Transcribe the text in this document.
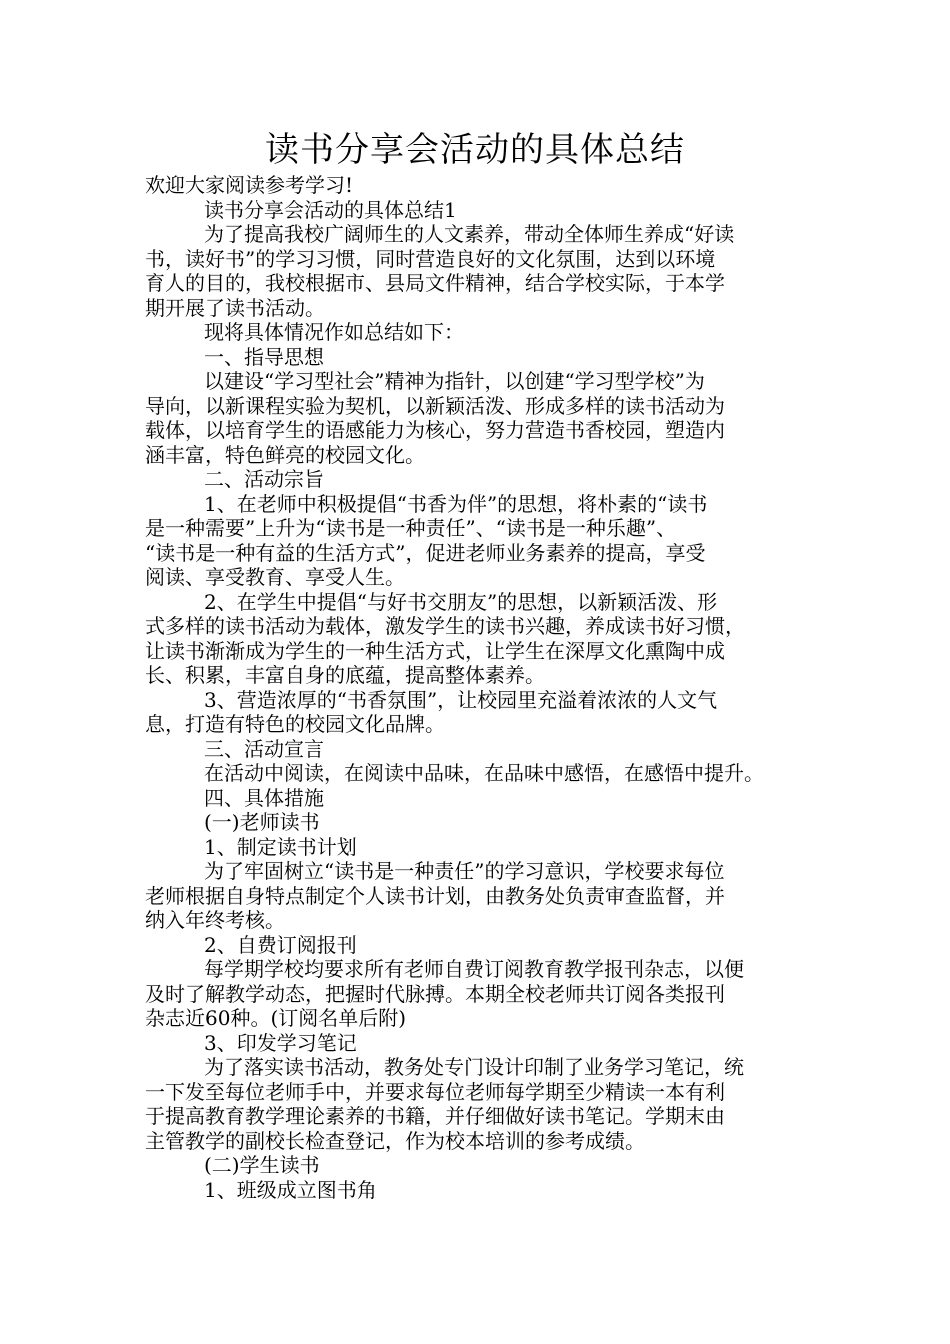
读书分享会活动的具体总结
欢迎大家阅读参考学习!
读书分享会活动的具体总结1
为了提高我校广阔师生的人文素养，带动全体师生养成“好读
书，读好书”的学习习惯，同时营造良好的文化氛围，达到以环境
育人的目的，我校根据市、县局文件精神，结合学校实际，于本学
期开展了读书活动。
现将具体情况作如总结如下：
一、指导思想
以建设“学习型社会”精神为指针，以创建“学习型学校”为
导向，以新课程实验为契机，以新颖活泼、形成多样的读书活动为
载体，以培育学生的语感能力为核心，努力营造书香校园，塑造内
涵丰富，特色鲜亮的校园文化。
二、活动宗旨
1、在老师中积极提倡“书香为伴”的思想，将朴素的“读书
是一种需要”上升为“读书是一种责任”、“读书是一种乐趣”、
“读书是一种有益的生活方式”，促进老师业务素养的提高，享受
阅读、享受教育、享受人生。
2、在学生中提倡“与好书交朋友”的思想，以新颖活泼、形
式多样的读书活动为载体，激发学生的读书兴趣，养成读书好习惯，
让读书渐渐成为学生的一种生活方式，让学生在深厚文化熏陶中成
长、积累，丰富自身的底蕴，提高整体素养。
3、营造浓厚的“书香氛围”，让校园里充溢着浓浓的人文气
息，打造有特色的校园文化品牌。
三、活动宣言
在活动中阅读，在阅读中品味，在品味中感悟，在感悟中提升。
四、具体措施
(一)老师读书
1、制定读书计划
为了牢固树立“读书是一种责任”的学习意识，学校要求每位
老师根据自身特点制定个人读书计划，由教务处负责审查监督，并
纳入年终考核。
2、自费订阅报刊
每学期学校均要求所有老师自费订阅教育教学报刊杂志，以便
及时了解教学动态，把握时代脉搏。本期全校老师共订阅各类报刊
杂志近60种。(订阅名单后附)
3、印发学习笔记
为了落实读书活动，教务处专门设计印制了业务学习笔记，统
一下发至每位老师手中，并要求每位老师每学期至少精读一本有利
于提高教育教学理论素养的书籍，并仔细做好读书笔记。学期末由
主管教学的副校长检查登记，作为校本培训的参考成绩。
(二)学生读书
1、班级成立图书角
